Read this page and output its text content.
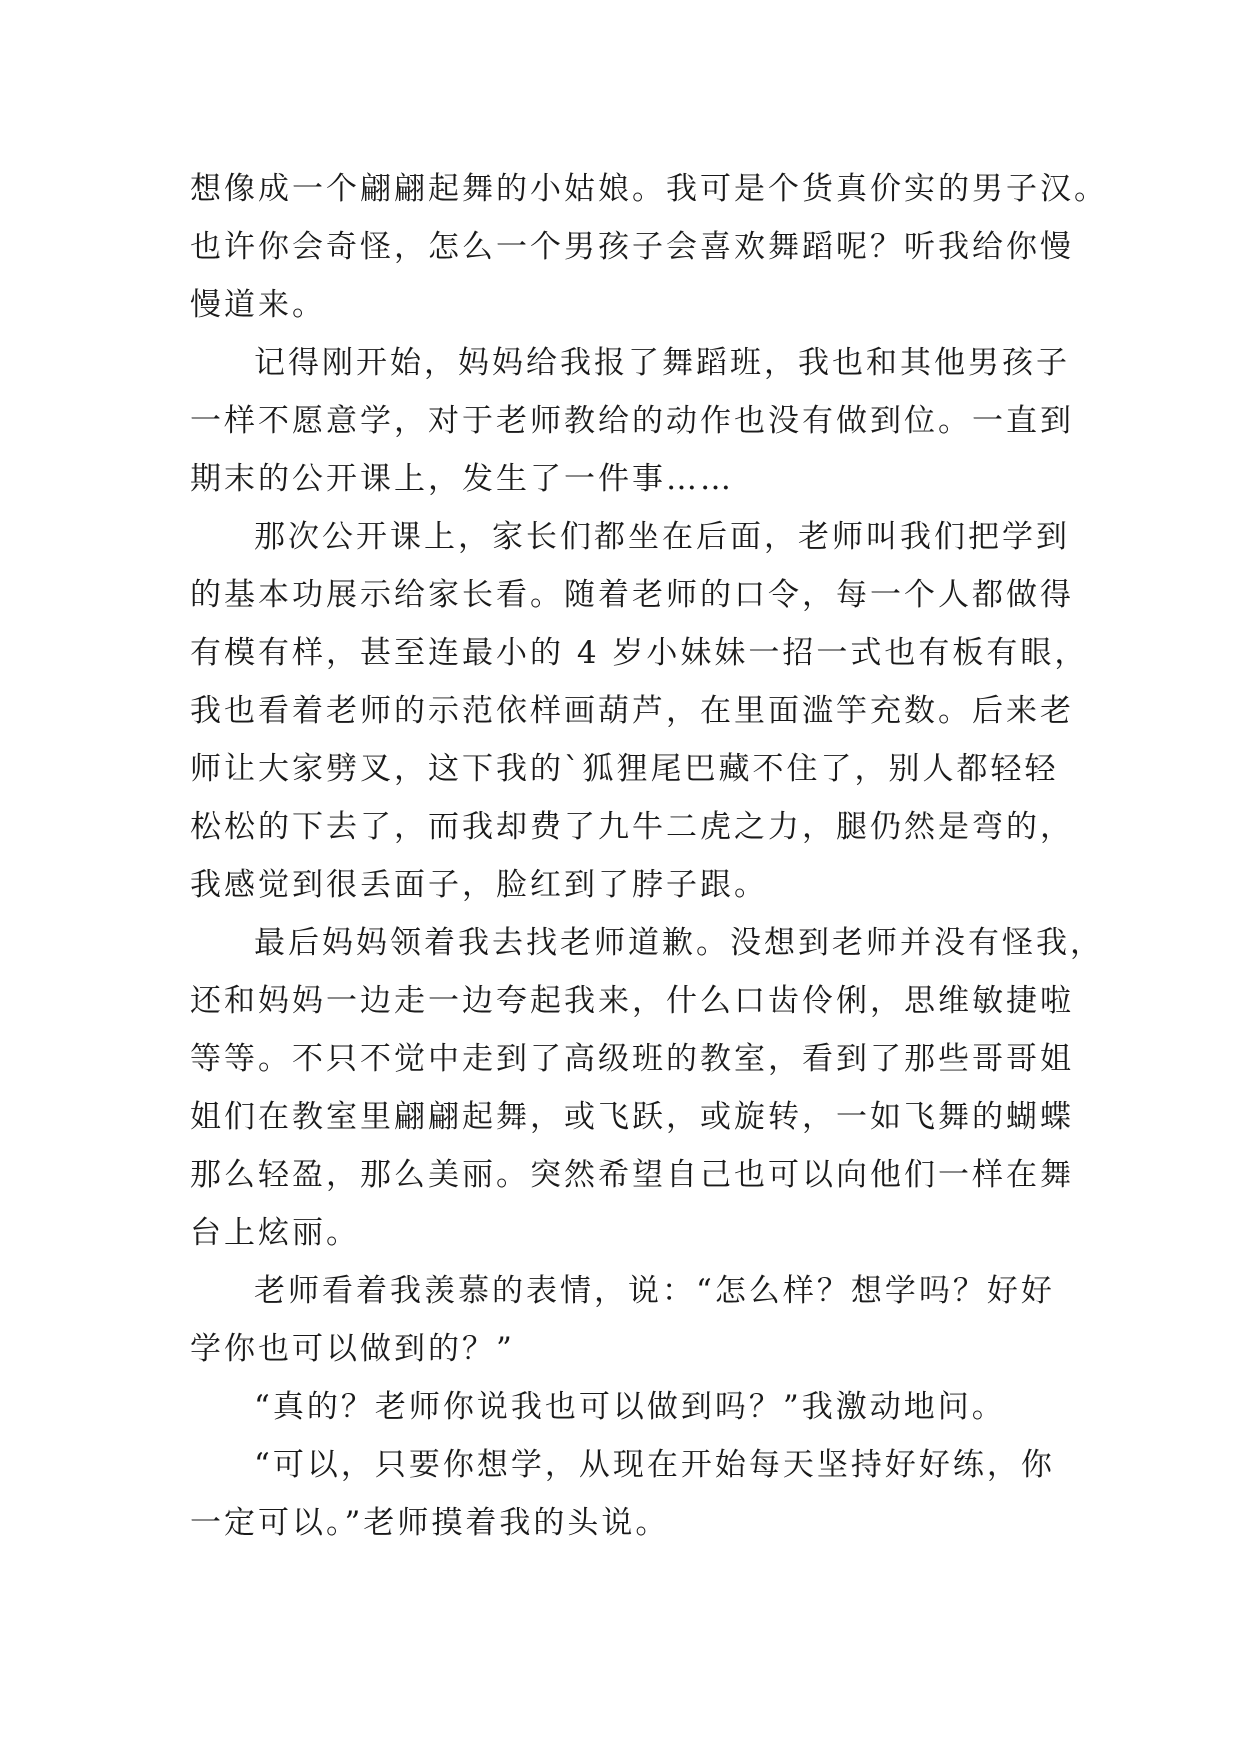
想像成一个翩翩起舞的小姑娘。我可是个货真价实的男子汉。
也许你会奇怪，怎么一个男孩子会喜欢舞蹈呢？听我给你慢
慢道来。
记得刚开始，妈妈给我报了舞蹈班，我也和其他男孩子
一样不愿意学，对于老师教给的动作也没有做到位。一直到
期末的公开课上，发生了一件事……
那次公开课上，家长们都坐在后面，老师叫我们把学到
的基本功展示给家长看。随着老师的口令，每一个人都做得
有模有样，甚至连最小的 4 岁小妹妹一招一式也有板有眼，
我也看着老师的示范依样画葫芦，在里面滥竽充数。后来老
师让大家劈叉，这下我的`狐狸尾巴藏不住了，别人都轻轻
松松的下去了，而我却费了九牛二虎之力，腿仍然是弯的，
我感觉到很丢面子，脸红到了脖子跟。
最后妈妈领着我去找老师道歉。没想到老师并没有怪我，
还和妈妈一边走一边夸起我来，什么口齿伶俐，思维敏捷啦
等等。不只不觉中走到了高级班的教室，看到了那些哥哥姐
姐们在教室里翩翩起舞，或飞跃，或旋转，一如飞舞的蝴蝶
那么轻盈，那么美丽。突然希望自己也可以向他们一样在舞
台上炫丽。
老师看着我羡慕的表情，说：“怎么样？想学吗？好好
学你也可以做到的？”
“真的？老师你说我也可以做到吗？”我激动地问。
“可以，只要你想学，从现在开始每天坚持好好练，你
一定可以。”老师摸着我的头说。
